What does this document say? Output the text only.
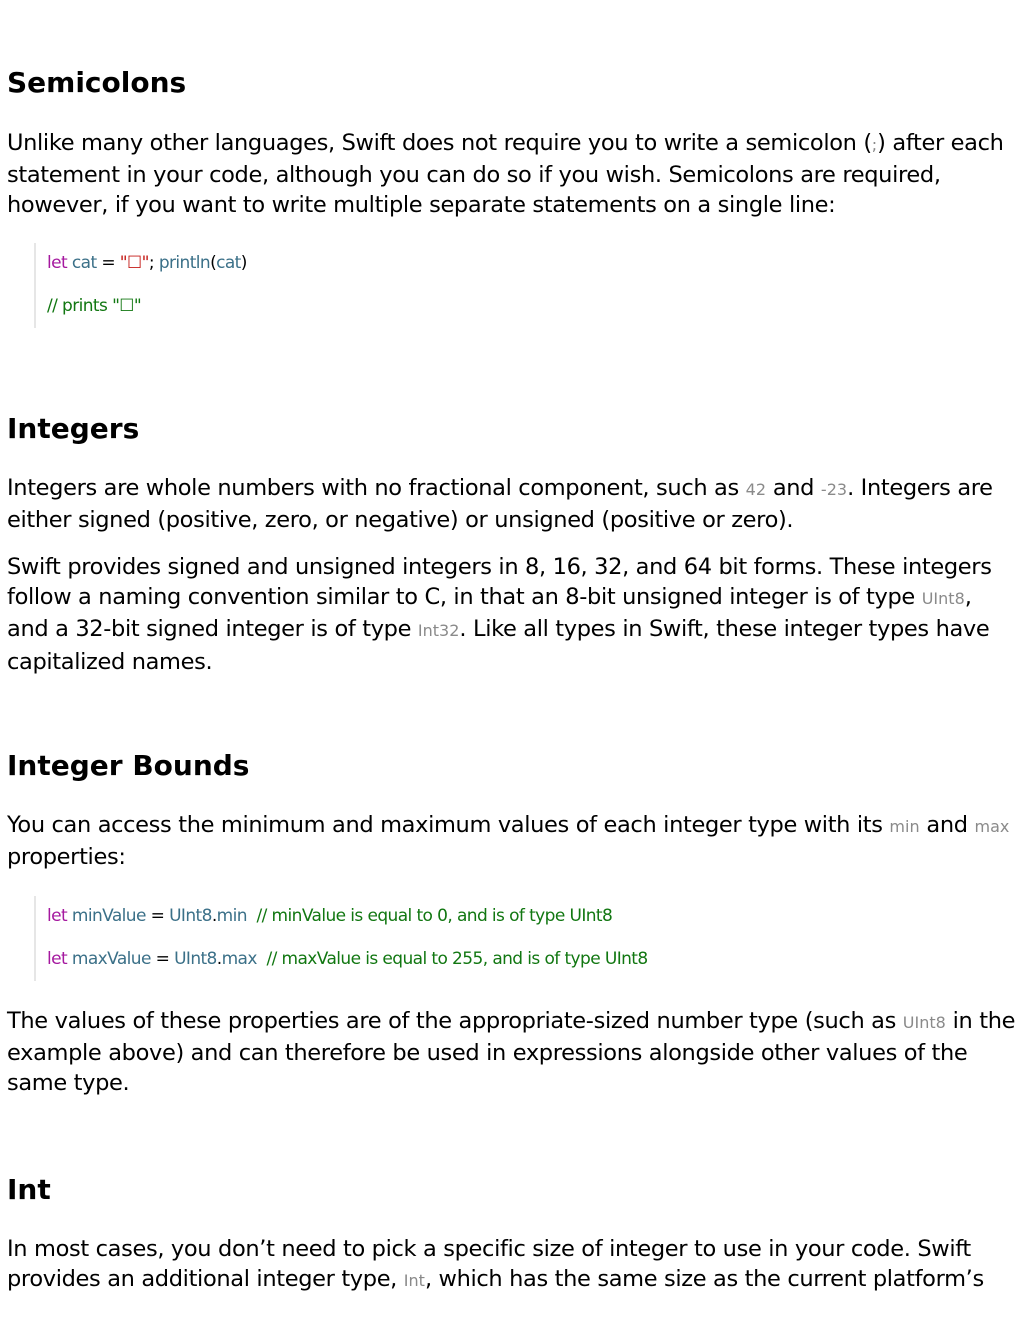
Semicolons

Unlike many other languages, Swift does not require you to write a semicolon (;) after each statement in your code, although you can do so if you wish. Semicolons are required, however, if you want to write multiple separate statements on a single line:

let cat = "☐"; println(cat)
// prints "☐"
Integers

Integers are whole numbers with no fractional component, such as 42 and -23. Integers are either signed (positive, zero, or negative) or unsigned (positive or zero).

Swift provides signed and unsigned integers in 8, 16, 32, and 64 bit forms. These integers follow a naming convention similar to C, in that an 8-bit unsigned integer is of type UInt8, and a 32-bit signed integer is of type Int32. Like all types in Swift, these integer types have capitalized names.

Integer Bounds

You can access the minimum and maximum values of each integer type with its min and max properties:

let minValue = UInt8.min // minValue is equal to 0, and is of type UInt8
let maxValue = UInt8.max // maxValue is equal to 255, and is of type UInt8

The values of these properties are of the appropriate-sized number type (such as UInt8 in the example above) and can therefore be used in expressions alongside other values of the same type.

Int

In most cases, you don’t need to pick a specific size of integer to use in your code. Swift provides an additional integer type, Int, which has the same size as the current platform’s
